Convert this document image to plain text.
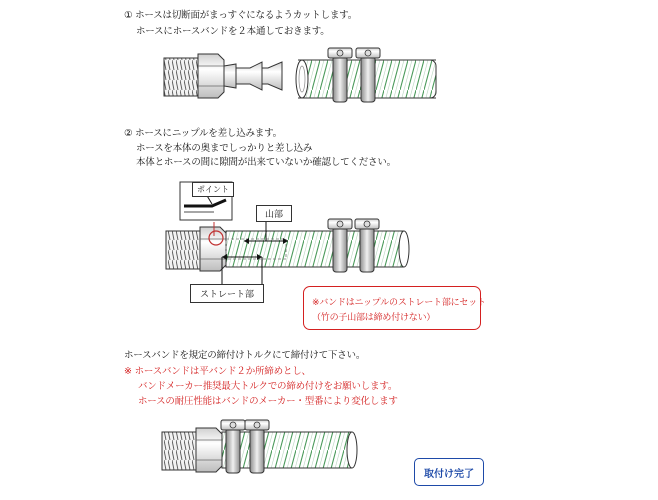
① ホースは切断面がまっすぐになるようカットします。
ホースにホースバンドを２本通しておきます。
② ホースにニップルを差し込みます。
ホースを本体の奥までしっかりと差し込み
本体とホースの間に隙間が出来ていないか確認してください。
ホースバンドを規定の締付けトルクにて締付けて下さい。
※ ホースバンドは平バンド２か所締めとし、
バンドメーカー推奨最大トルクでの締め付けをお願いします。
ホースの耐圧性能はバンドのメーカー・型番により変化します
ポイント
山部
ストレート部
※バンドはニップルのストレート部にセット
（竹の子山部は締め付けない）
取付け完了
